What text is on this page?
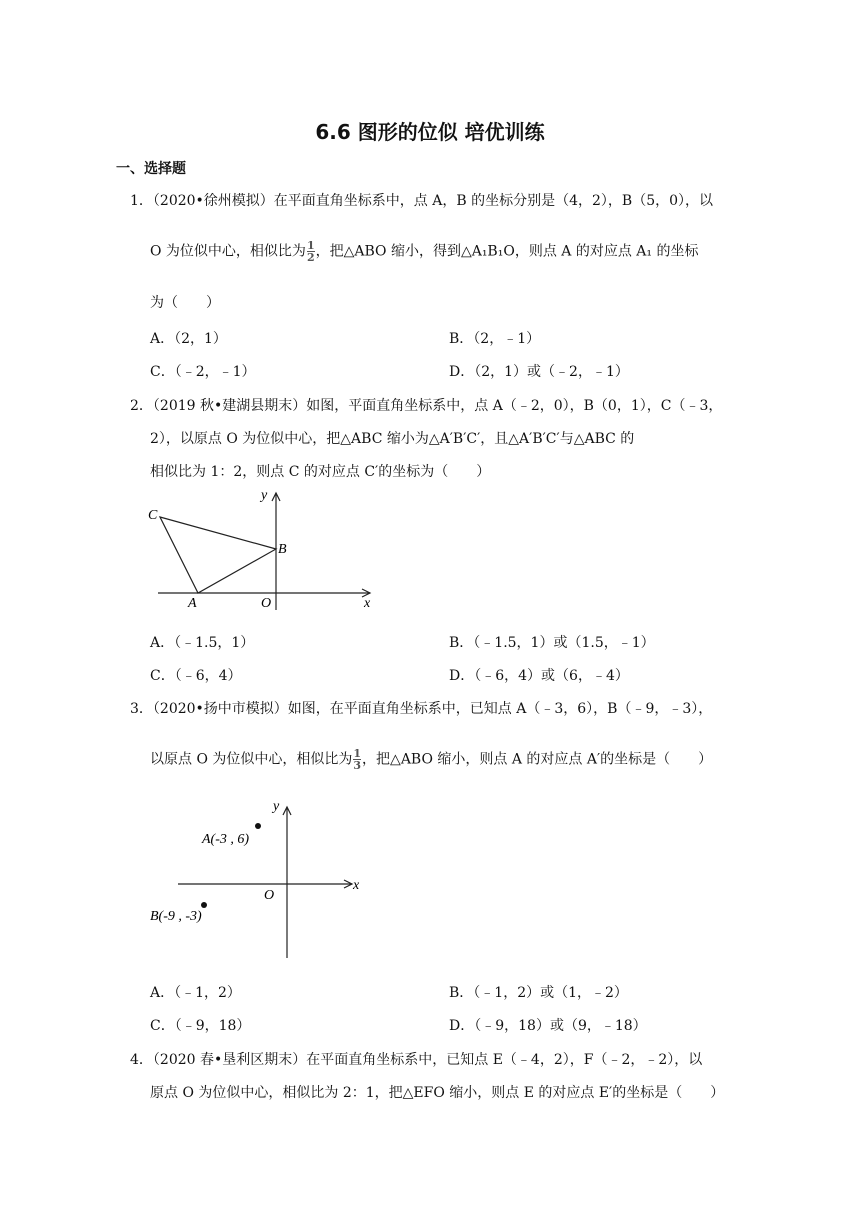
6.6 图形的位似 培优训练
一、选择题
1．（2020•徐州模拟）在平面直角坐标系中，点 A，B 的坐标分别是（4，2），B（5，0），以
O 为位似中心，相似比为 $\frac{1}{2}$ ，把△ABO 缩小，得到△A₁B₁O，则点 A 的对应点 A₁ 的坐标
为（　　）
A．（2，1）	B．（2，﹣1）
C．（﹣2，﹣1）	D．（2，1）或（﹣2，﹣1）
2．（2019 秋•建湖县期末）如图，平面直角坐标系中，点 A（﹣2，0），B（0，1），C（﹣3，
2），以原点 O 为位似中心，把△ABC 缩小为△A′B′C′，且△A′B′C′与△ABC 的
相似比为 1：2，则点 C 的对应点 C′的坐标为（　　）
C
B
A	O	x
y
A．（﹣1.5，1）	B．（﹣1.5，1）或（1.5，﹣1）
C．（﹣6，4）	D．（﹣6，4）或（6，﹣4）
3．（2020•扬中市模拟）如图，在平面直角坐标系中，已知点 A（﹣3，6），B（﹣9，﹣3），
以原点 O 为位似中心，相似比为 $\frac{1}{3}$ ，把△ABO 缩小，则点 A 的对应点 A′的坐标是（　　）
A(-3 , 6)
B(-9 , -3)
O
x
y
A．（﹣1，2）	B．（﹣1，2）或（1，﹣2）
C．（﹣9，18）	D．（﹣9，18）或（9，﹣18）
4．（2020 春•垦利区期末）在平面直角坐标系中，已知点 E（﹣4，2），F（﹣2，﹣2），以
原点 O 为位似中心，相似比为 2：1，把△EFO 缩小，则点 E 的对应点 E′的坐标是（　　）
